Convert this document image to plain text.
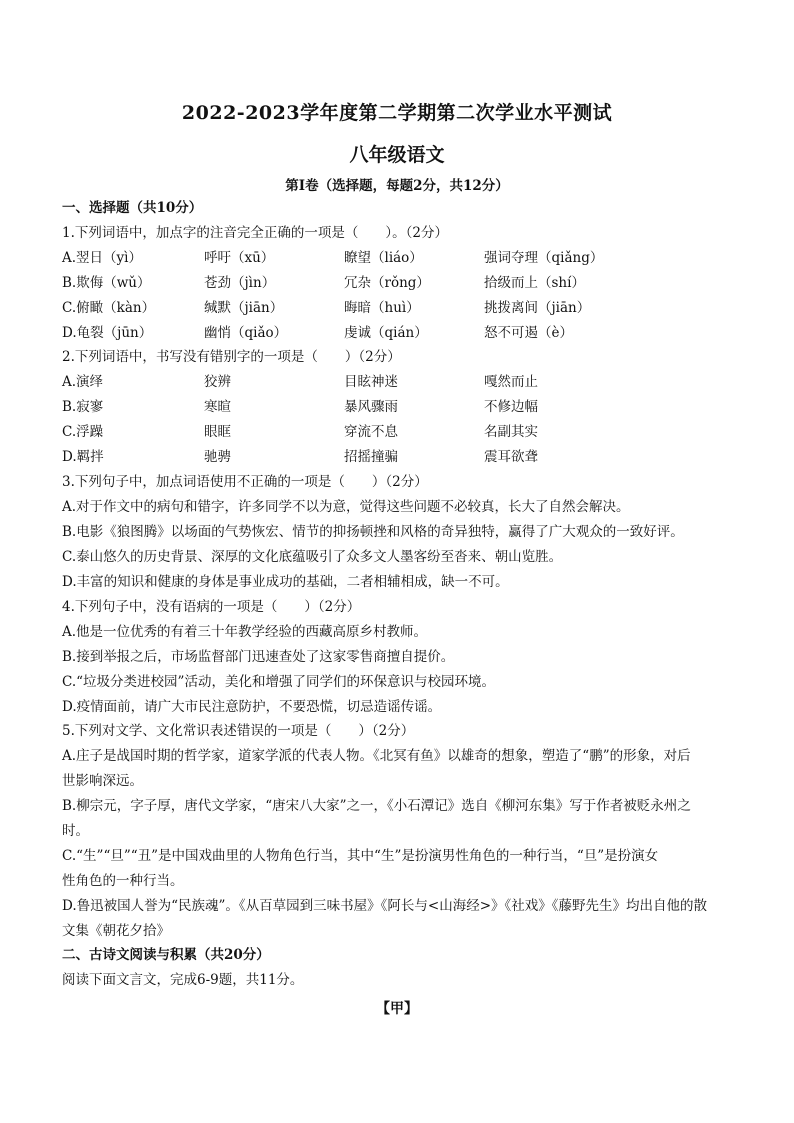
2022-2023学年度第二学期第二次学业水平测试
八年级语文
第Ⅰ卷（选择题，每题2分，共12分）
一、选择题（共10分）
1.下列词语中，加点字的注音完全正确的一项是（　　）。（2分）
A.翌日（yì）	呼吁（xū）	瞭望（liáo）	强词夺理（qiǎng）
B.欺侮（wǔ）	苍劲（jìn）	冗杂（rǒng）	拾级而上（shí）
C.俯瞰（kàn）	缄默（jiān）	晦暗（huì）	挑拨离间（jiān）
D.龟裂（jūn）	幽悄（qiǎo）	虔诚（qián）	怒不可遏（è）
2.下列词语中，书写没有错别字的一项是（　　）（2分）
A.演绎	狡辨	目眩神迷	嘎然而止
B.寂寥	寒暄	暴风骤雨	不修边幅
C.浮躁	眼眶	穿流不息	名副其实
D.羁拌	驰骋	招摇撞骗	震耳欲聋
3.下列句子中，加点词语使用不正确的一项是（　　）（2分）
A.对于作文中的病句和错字，许多同学不以为意，觉得这些问题不必较真，长大了自然会解决。
B.电影《狼图腾》以场面的气势恢宏、情节的抑扬顿挫和风格的奇异独特，赢得了广大观众的一致好评。
C.泰山悠久的历史背景、深厚的文化底蕴吸引了众多文人墨客纷至沓来、朝山览胜。
D.丰富的知识和健康的身体是事业成功的基础，二者相辅相成，缺一不可。
4.下列句子中，没有语病的一项是（　　）（2分）
A.他是一位优秀的有着三十年教学经验的西藏高原乡村教师。
B.接到举报之后，市场监督部门迅速查处了这家零售商擅自提价。
C.“垃圾分类进校园”活动，美化和增强了同学们的环保意识与校园环境。
D.疫情面前，请广大市民注意防护，不要恐慌，切忌造谣传谣。
5.下列对文学、文化常识表述错误的一项是（　　）（2分）
A.庄子是战国时期的哲学家，道家学派的代表人物。《北冥有鱼》以雄奇的想象，塑造了“鹏”的形象，对后
世影响深远。
B.柳宗元，字子厚，唐代文学家，“唐宋八大家”之一，《小石潭记》选自《柳河东集》写于作者被贬永州之
时。
C.“生”“旦”“丑”是中国戏曲里的人物角色行当，其中“生”是扮演男性角色的一种行当，“旦”是扮演女
性角色的一种行当。
D.鲁迅被国人誉为“民族魂”。《从百草园到三味书屋》《阿长与<山海经>》《社戏》《藤野先生》均出自他的散
文集《朝花夕拾》
二、古诗文阅读与积累（共20分）
阅读下面文言文，完成6-9题，共11分。
【甲】
